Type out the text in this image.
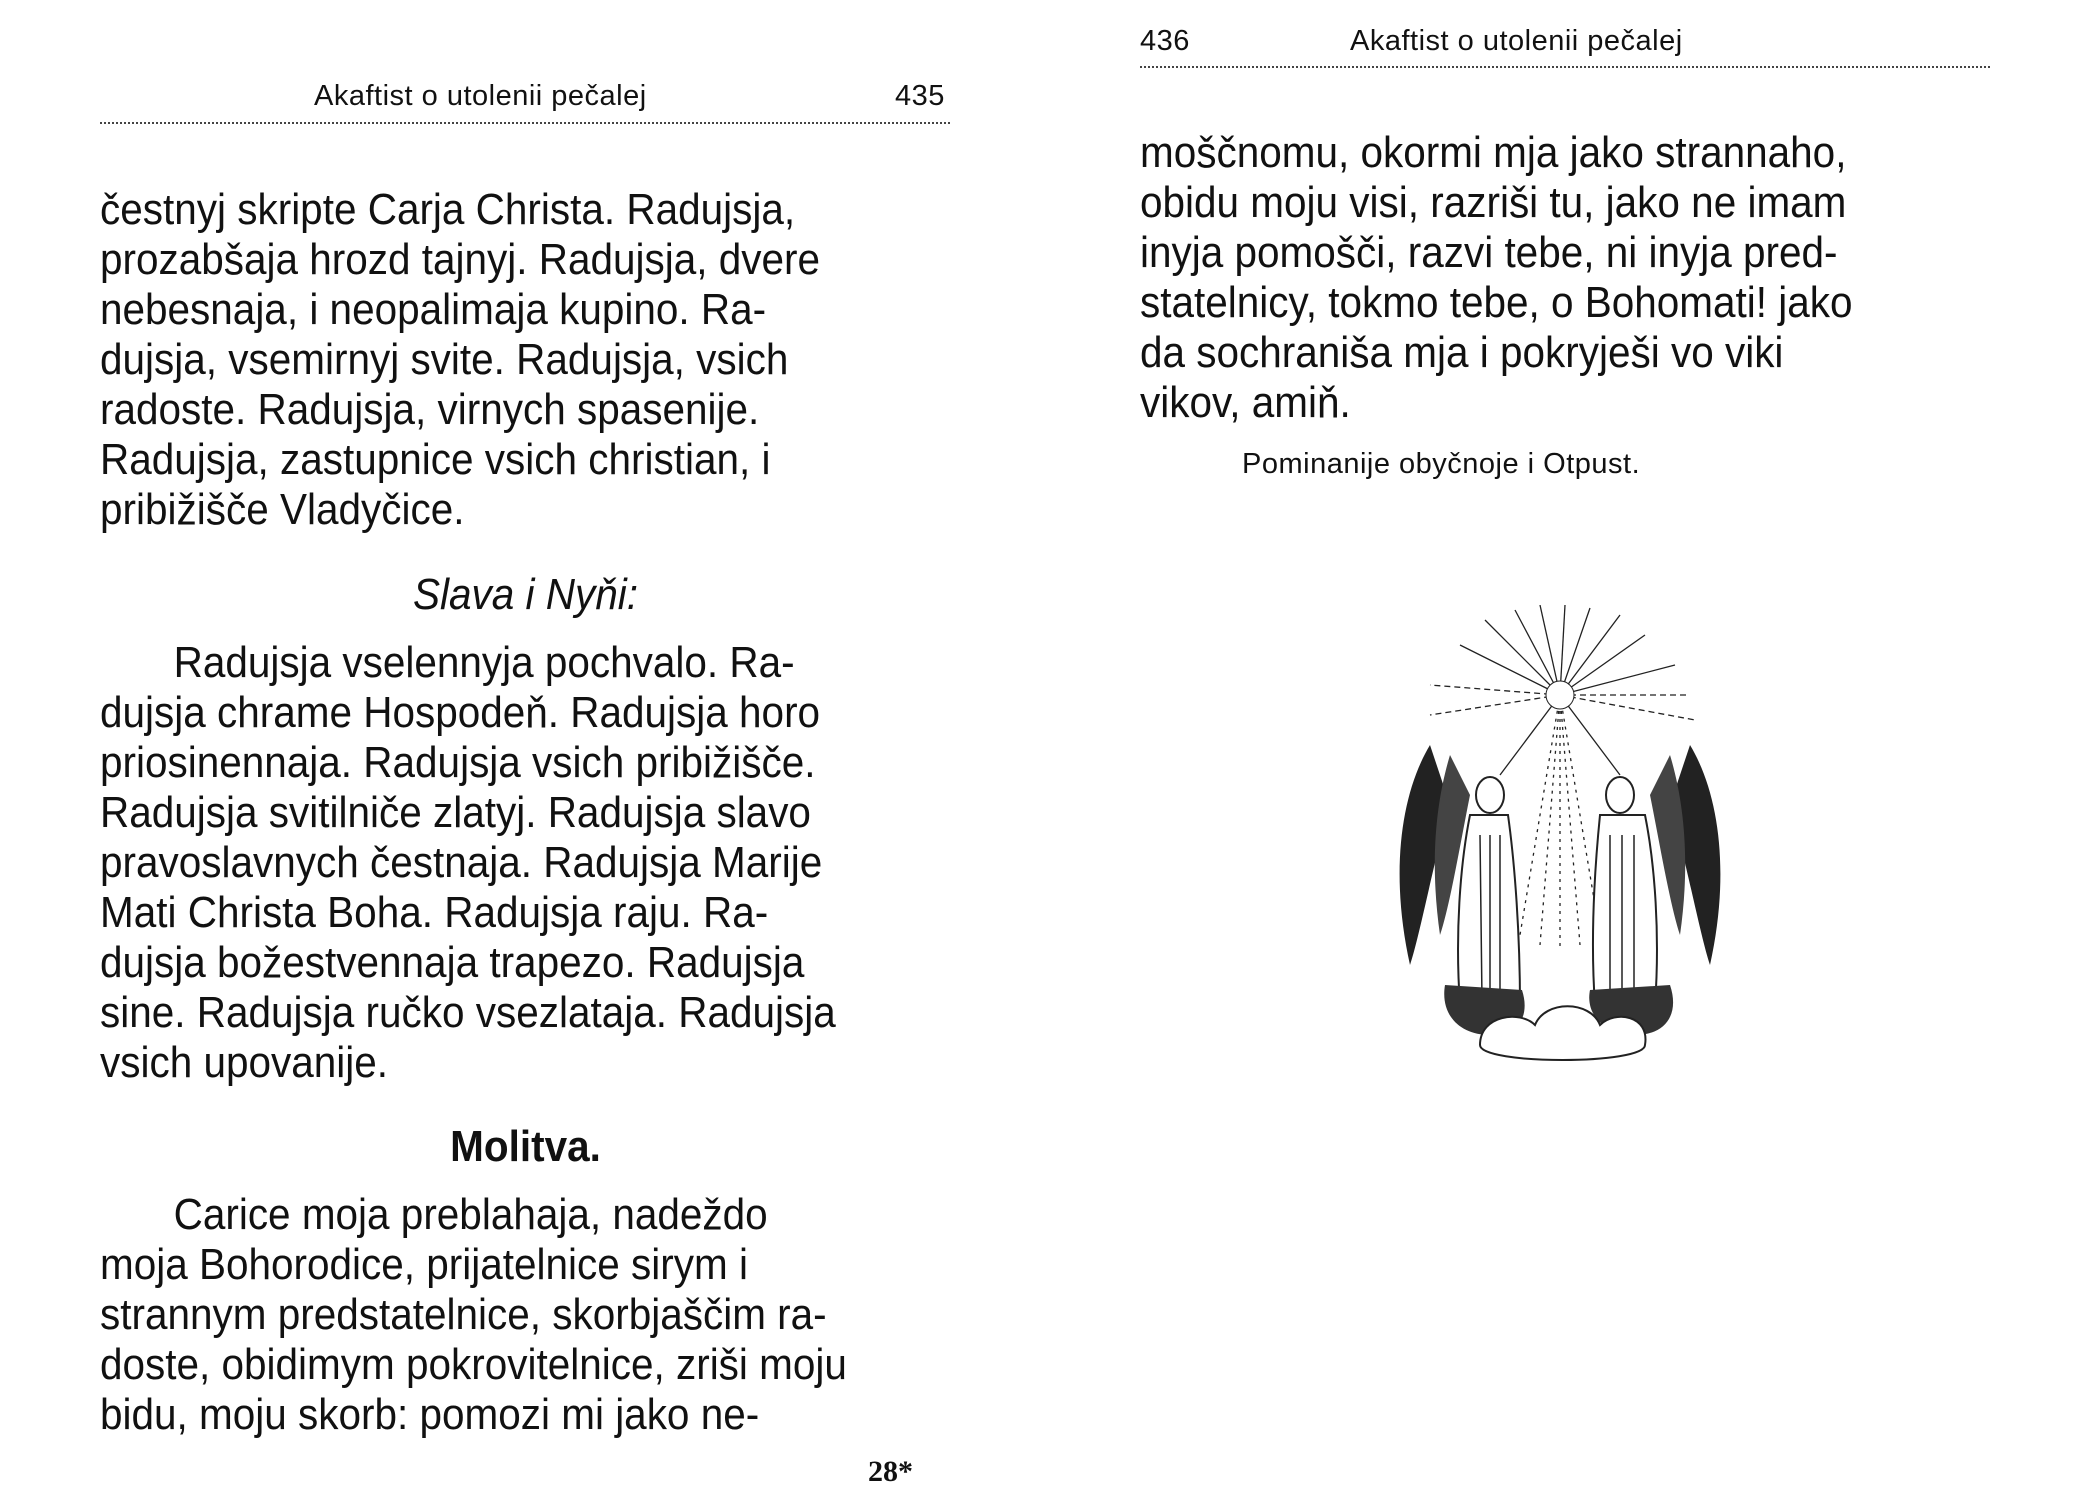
Akaftist o utolenii pečalej	435
čestnyj skripte Carja Christa. Radujsja,
prozabšaja hrozd tajnyj. Radujsja, dvere
nebesnaja, i neopalimaja kupino. Ra-
dujsja, vsemirnyj svite. Radujsja, vsich
radoste. Radujsja, virnych spasenije.
Radujsja, zastupnice vsich christian, i
pribižišče Vladyčice.
Slava i Nyňi:
Radujsja vselennyja pochvalo. Ra-
dujsja chrame Hospodeň. Radujsja horo
priosinennaja. Radujsja vsich pribižišče.
Radujsja svitilniče zlatyj. Radujsja slavo
pravoslavnych čestnaja. Radujsja Marije
Mati Christa Boha. Radujsja raju. Ra-
dujsja božestvennaja trapezo. Radujsja
sine. Radujsja ručko vsezlataja. Radujsja
vsich upovanije.
Molitva.
Carice moja preblahaja, nadeždo
moja Bohorodice, prijatelnice sirym i
strannym predstatelnice, skorbjaščim ra-
doste, obidimym pokrovitelnice, zriši moju
bidu, moju skorb: pomozi mi jako ne-
28*
436	Akaftist o utolenii pečalej
moščnomu, okormi mja jako strannaho,
obidu moju visi, razriši tu, jako ne imam
inyja pomošči, razvi tebe, ni inyja pred-
statelnicy, tokmo tebe, o Bohomati! jako
da sochraniša mja i pokryješi vo viki
vikov, amiň.
Pominanije obyčnoje i Otpust.
